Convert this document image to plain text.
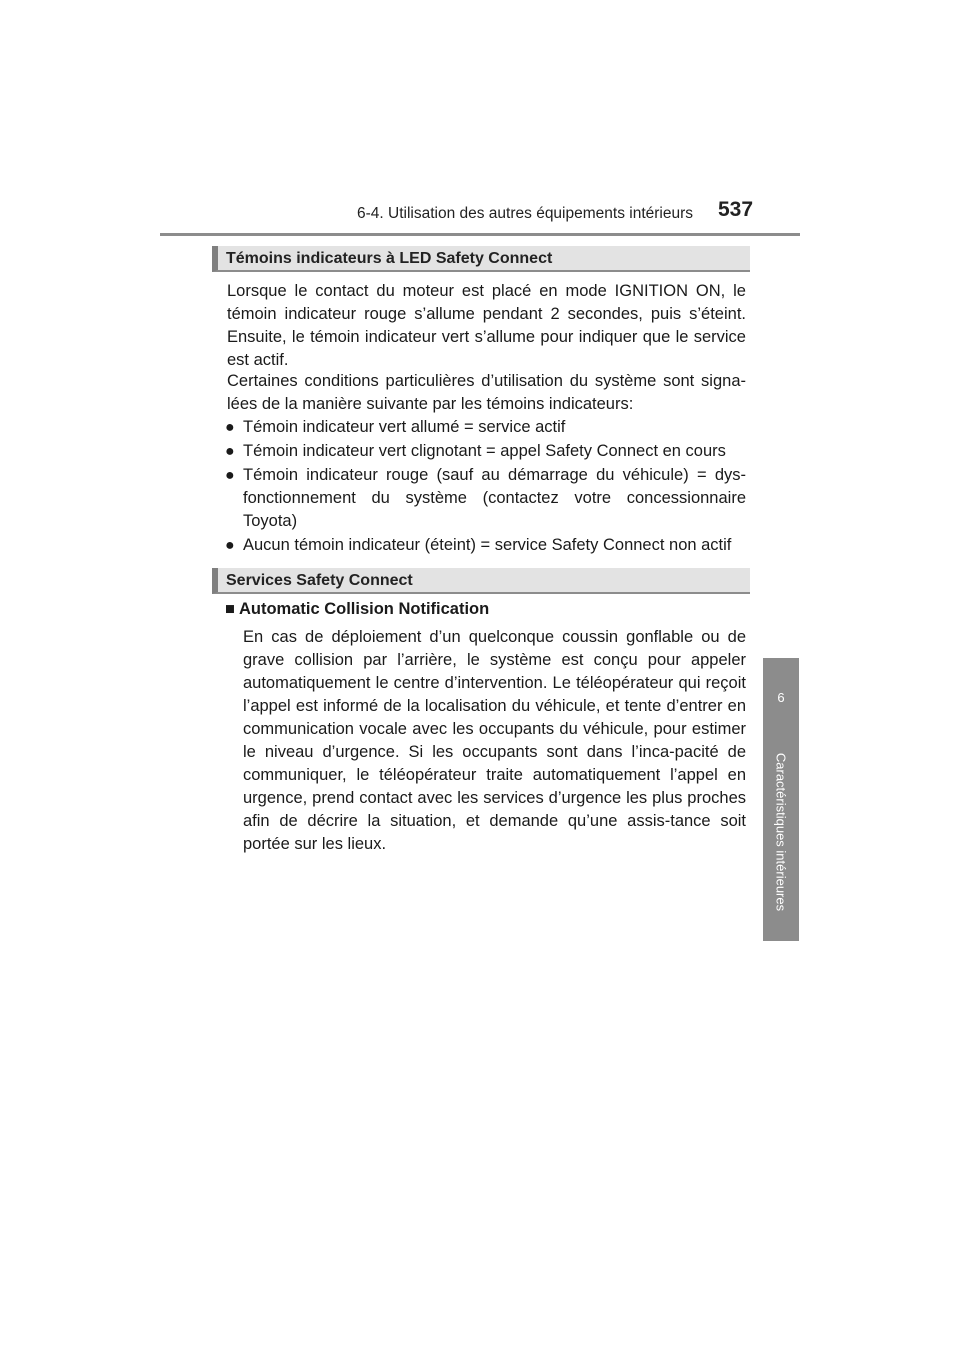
6-4. Utilisation des autres équipements intérieurs 537
6
Caractéristiques intérieures
Témoins indicateurs à LED Safety Connect

Lorsque le contact du moteur est placé en mode IGNITION ON, le témoin indicateur rouge s’allume pendant 2 secondes, puis s’éteint. Ensuite, le témoin indicateur vert s’allume pour indiquer que le service est actif.

Certaines conditions particulières d’utilisation du système sont signa-lées de la manière suivante par les témoins indicateurs:

● Témoin indicateur vert allumé = service actif
● Témoin indicateur vert clignotant = appel Safety Connect en cours
● Témoin indicateur rouge (sauf au démarrage du véhicule) = dys-fonctionnement du système (contactez votre concessionnaire Toyota)
● Aucun témoin indicateur (éteint) = service Safety Connect non actif
Services Safety Connect
■ Automatic Collision Notification

En cas de déploiement d’un quelconque coussin gonflable ou de grave collision par l’arrière, le système est conçu pour appeler automatiquement le centre d’intervention. Le téléopérateur qui reçoit l’appel est informé de la localisation du véhicule, et tente d’entrer en communication vocale avec les occupants du véhicule, pour estimer le niveau d’urgence. Si les occupants sont dans l’inca-pacité de communiquer, le téléopérateur traite automatiquement l’appel en urgence, prend contact avec les services d’urgence les plus proches afin de décrire la situation, et demande qu’une assis-tance soit portée sur les lieux.
